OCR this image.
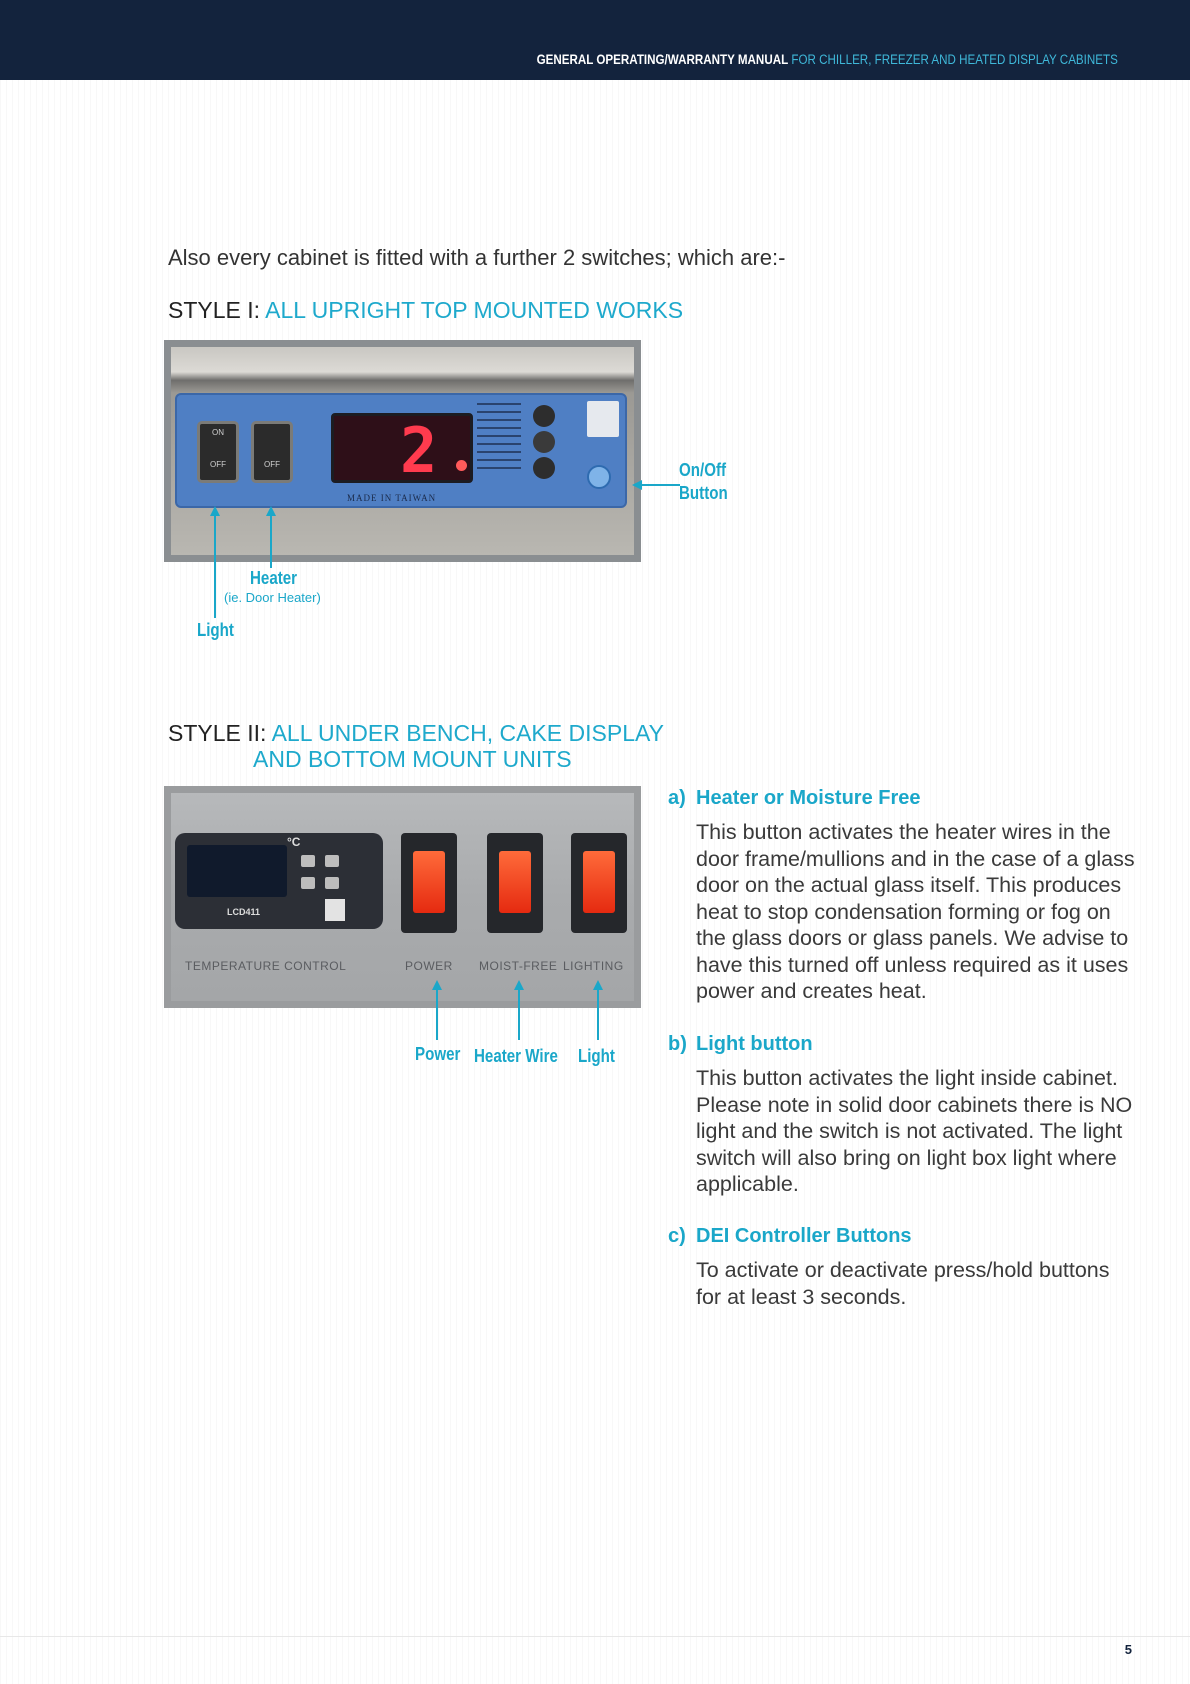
GENERAL OPERATING/WARRANTY MANUAL FOR CHILLER, FREEZER AND HEATED DISPLAY CABINETS
Also every cabinet is fitted with a further 2 switches; which are:-
STYLE I: ALL UPRIGHT TOP MOUNTED WORKS
ON
OFF	OFF 2
MADE IN TAIWAN
On/Off
Button
Heater
(ie. Door Heater)
Light
STYLE II: ALL UNDER BENCH, CAKE DISPLAY
AND BOTTOM MOUNT UNITS
°C
LCD411
TEMPERATURE CONTROL	POWER MOIST-FREE LIGHTING
Power Heater Wire Light
a) Heater or Moisture Free
This button activates the heater wires in the door frame/mullions and in the case of a glass door on the actual glass itself. This produces heat to stop condensation forming or fog on the glass doors or glass panels. We advise to have this turned off unless required as it uses power and creates heat.
b) Light button
This button activates the light inside cabinet. Please note in solid door cabinets there is NO light and the switch is not activated. The light switch will also bring on light box light where applicable.
c) DEI Controller Buttons
To activate or deactivate press/hold buttons for at least 3 seconds.
5
